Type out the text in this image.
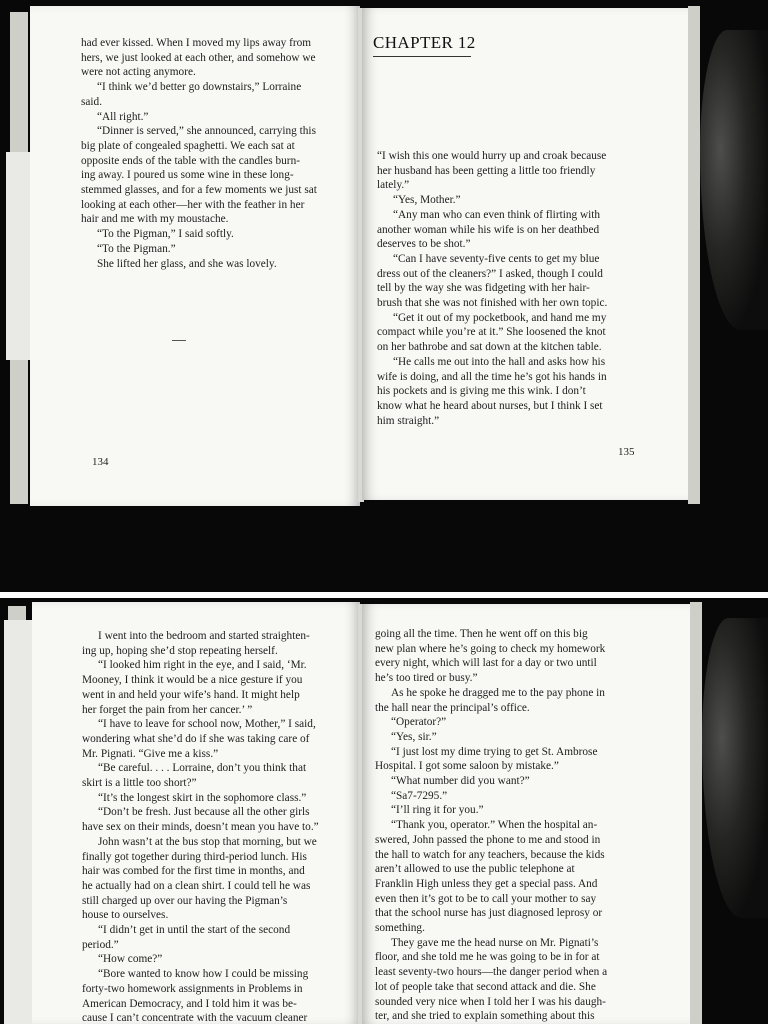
had ever kissed. When I moved my lips away from
hers, we just looked at each other, and somehow we
were not acting anymore.
“I think we’d better go downstairs,” Lorraine
said.
“All right.”
“Dinner is served,” she announced, carrying this
big plate of congealed spaghetti. We each sat at
opposite ends of the table with the candles burn-
ing away. I poured us some wine in these long-
stemmed glasses, and for a few moments we just sat
looking at each other—her with the feather in her
hair and me with my moustache.
“To the Pigman,” I said softly.
“To the Pigman.”
She lifted her glass, and she was lovely.
134
CHAPTER 12
“I wish this one would hurry up and croak because
her husband has been getting a little too friendly
lately.”
“Yes, Mother.”
“Any man who can even think of flirting with
another woman while his wife is on her deathbed
deserves to be shot.”
“Can I have seventy-five cents to get my blue
dress out of the cleaners?” I asked, though I could
tell by the way she was fidgeting with her hair-
brush that she was not finished with her own topic.
“Get it out of my pocketbook, and hand me my
compact while you’re at it.” She loosened the knot
on her bathrobe and sat down at the kitchen table.
“He calls me out into the hall and asks how his
wife is doing, and all the time he’s got his hands in
his pockets and is giving me this wink. I don’t
know what he heard about nurses, but I think I set
him straight.”
135
I went into the bedroom and started straighten-
ing up, hoping she’d stop repeating herself.
“I looked him right in the eye, and I said, ‘Mr.
Mooney, I think it would be a nice gesture if you
went in and held your wife’s hand. It might help
her forget the pain from her cancer.’ ”
“I have to leave for school now, Mother,” I said,
wondering what she’d do if she was taking care of
Mr. Pignati. “Give me a kiss.”
“Be careful. . . . Lorraine, don’t you think that
skirt is a little too short?”
“It’s the longest skirt in the sophomore class.”
“Don’t be fresh. Just because all the other girls
have sex on their minds, doesn’t mean you have to.”
John wasn’t at the bus stop that morning, but we
finally got together during third-period lunch. His
hair was combed for the first time in months, and
he actually had on a clean shirt. I could tell he was
still charged up over our having the Pigman’s
house to ourselves.
“I didn’t get in until the start of the second
period.”
“How come?”
“Bore wanted to know how I could be missing
forty-two homework assignments in Problems in
American Democracy, and I told him it was be-
cause I can’t concentrate with the vacuum cleaner
going all the time. Then he went off on this big
new plan where he’s going to check my homework
every night, which will last for a day or two until
he’s too tired or busy.”
As he spoke he dragged me to the pay phone in
the hall near the principal’s office.
“Operator?”
“Yes, sir.”
“I just lost my dime trying to get St. Ambrose
Hospital. I got some saloon by mistake.”
“What number did you want?”
“Sa7-7295.”
“I’ll ring it for you.”
“Thank you, operator.” When the hospital an-
swered, John passed the phone to me and stood in
the hall to watch for any teachers, because the kids
aren’t allowed to use the public telephone at
Franklin High unless they get a special pass. And
even then it’s got to be to call your mother to say
that the school nurse has just diagnosed leprosy or
something.
They gave me the head nurse on Mr. Pignati’s
floor, and she told me he was going to be in for at
least seventy-two hours—the danger period when a
lot of people take that second attack and die. She
sounded very nice when I told her I was his daugh-
ter, and she tried to explain something about this
